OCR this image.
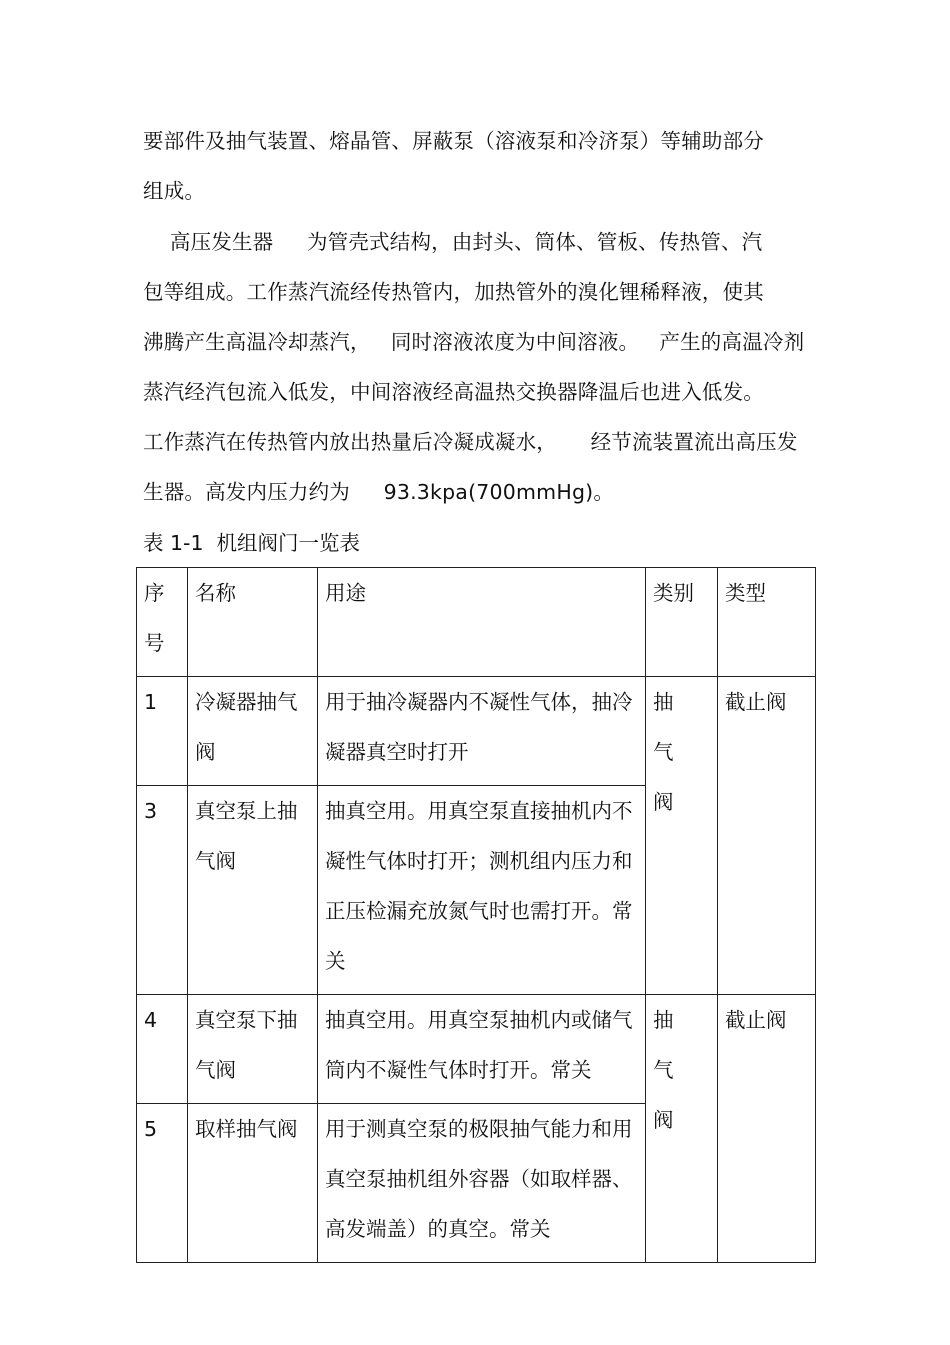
要部件及抽气装置、熔晶管、屏蔽泵（溶液泵和冷济泵）等辅助部分
组成。
高压发生器     为管壳式结构，由封头、筒体、管板、传热管、汽
包等组成。工作蒸汽流经传热管内，加热管外的溴化锂稀释液，使其
沸腾产生高温冷却蒸汽，   同时溶液浓度为中间溶液。   产生的高温冷剂
蒸汽经汽包流入低发，中间溶液经高温热交换器降温后也进入低发。
工作蒸汽在传热管内放出热量后冷凝成凝水，     经节流装置流出高压发
生器。高发内压力约为     93.3kpa(700mmHg)。
表 1-1  机组阀门一览表
序号	名称	用途	类别	类型

1	冷凝器抽气阀	用于抽冷凝器内不凝性气体，抽冷凝器真空时打开	抽气阀	截止阀

3	真空泵上抽气阀	抽真空用。用真空泵直接抽机内不凝性气体时打开；测机组内压力和正压检漏充放氮气时也需打开。常关		

4	真空泵下抽气阀	抽真空用。用真空泵抽机内或储气筒内不凝性气体时打开。常关	抽气阀	截止阀

5	取样抽气阀	用于测真空泵的极限抽气能力和用真空泵抽机组外容器（如取样器、高发端盖）的真空。常关		
